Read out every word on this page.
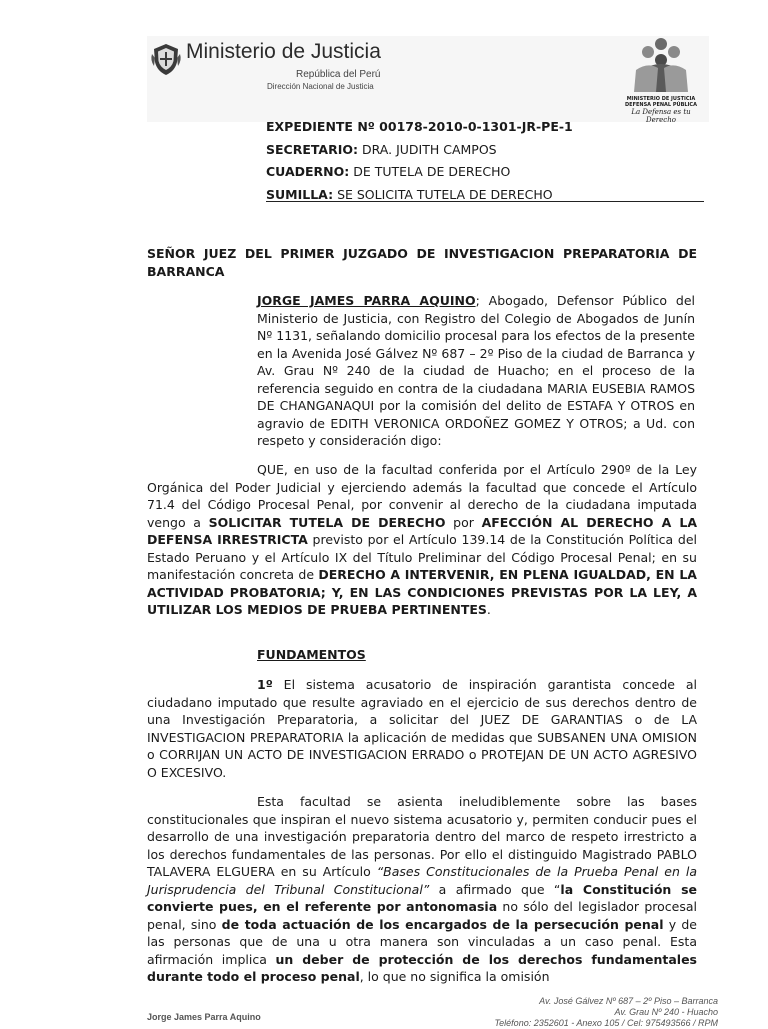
Ministerio de Justicia
República del Perú
Dirección Nacional de Justicia
MINISTERIO DE JUSTICIA
DEFENSA PENAL PÚBLICA
La Defensa es tu Derecho
EXPEDIENTE Nº 00178-2010-0-1301-JR-PE-1
SECRETARIO: DRA. JUDITH CAMPOS
CUADERNO: DE TUTELA DE DERECHO
SUMILLA: SE SOLICITA TUTELA DE DERECHO
SEÑOR JUEZ DEL PRIMER JUZGADO DE INVESTIGACION PREPARATORIA DE BARRANCA
JORGE JAMES PARRA AQUINO; Abogado, Defensor Público del Ministerio de Justicia, con Registro del Colegio de Abogados de Junín Nº 1131, señalando domicilio procesal para los efectos de la presente en la Avenida José Gálvez Nº 687 – 2º Piso de la ciudad de Barranca y Av. Grau Nº 240 de la ciudad de Huacho; en el proceso de la referencia seguido en contra de la ciudadana MARIA EUSEBIA RAMOS DE CHANGANAQUI por la comisión del delito de ESTAFA Y OTROS en agravio de EDITH VERONICA ORDOÑEZ GOMEZ Y OTROS; a Ud. con respeto y consideración digo:
QUE, en uso de la facultad conferida por el Artículo 290º de la Ley Orgánica del Poder Judicial y ejerciendo además la facultad que concede el Artículo 71.4 del Código Procesal Penal, por convenir al derecho de la ciudadana imputada vengo a SOLICITAR TUTELA DE DERECHO por AFECCIÓN AL DERECHO A LA DEFENSA IRRESTRICTA previsto por el Artículo 139.14 de la Constitución Política del Estado Peruano y el Artículo IX del Título Preliminar del Código Procesal Penal; en su manifestación concreta de DERECHO A INTERVENIR, EN PLENA IGUALDAD, EN LA ACTIVIDAD PROBATORIA; Y, EN LAS CONDICIONES PREVISTAS POR LA LEY, A UTILIZAR LOS MEDIOS DE PRUEBA PERTINENTES.
FUNDAMENTOS
1º El sistema acusatorio de inspiración garantista concede al ciudadano imputado que resulte agraviado en el ejercicio de sus derechos dentro de una Investigación Preparatoria, a solicitar del JUEZ DE GARANTIAS o de LA INVESTIGACION PREPARATORIA la aplicación de medidas que SUBSANEN UNA OMISION o CORRIJAN UN ACTO DE INVESTIGACION ERRADO o PROTEJAN DE UN ACTO AGRESIVO O EXCESIVO.
Esta facultad se asienta ineludiblemente sobre las bases constitucionales que inspiran el nuevo sistema acusatorio y, permiten conducir pues el desarrollo de una investigación preparatoria dentro del marco de respeto irrestricto a los derechos fundamentales de las personas. Por ello el distinguido Magistrado PABLO TALAVERA ELGUERA en su Artículo “Bases Constitucionales de la Prueba Penal en la Jurisprudencia del Tribunal Constitucional” a afirmado que “la Constitución se convierte pues, en el referente por antonomasia no sólo del legislador procesal penal, sino de toda actuación de los encargados de la persecución penal y de las personas que de una u otra manera son vinculadas a un caso penal. Esta afirmación implica un deber de protección de los derechos fundamentales durante todo el proceso penal, lo que no significa la omisión
Jorge James Parra Aquino
Av. José Gálvez Nº 687 – 2º Piso – Barranca
Av. Grau Nº 240 - Huacho
Teléfono: 2352601 - Anexo 105 / Cel: 975493566 / RPM
